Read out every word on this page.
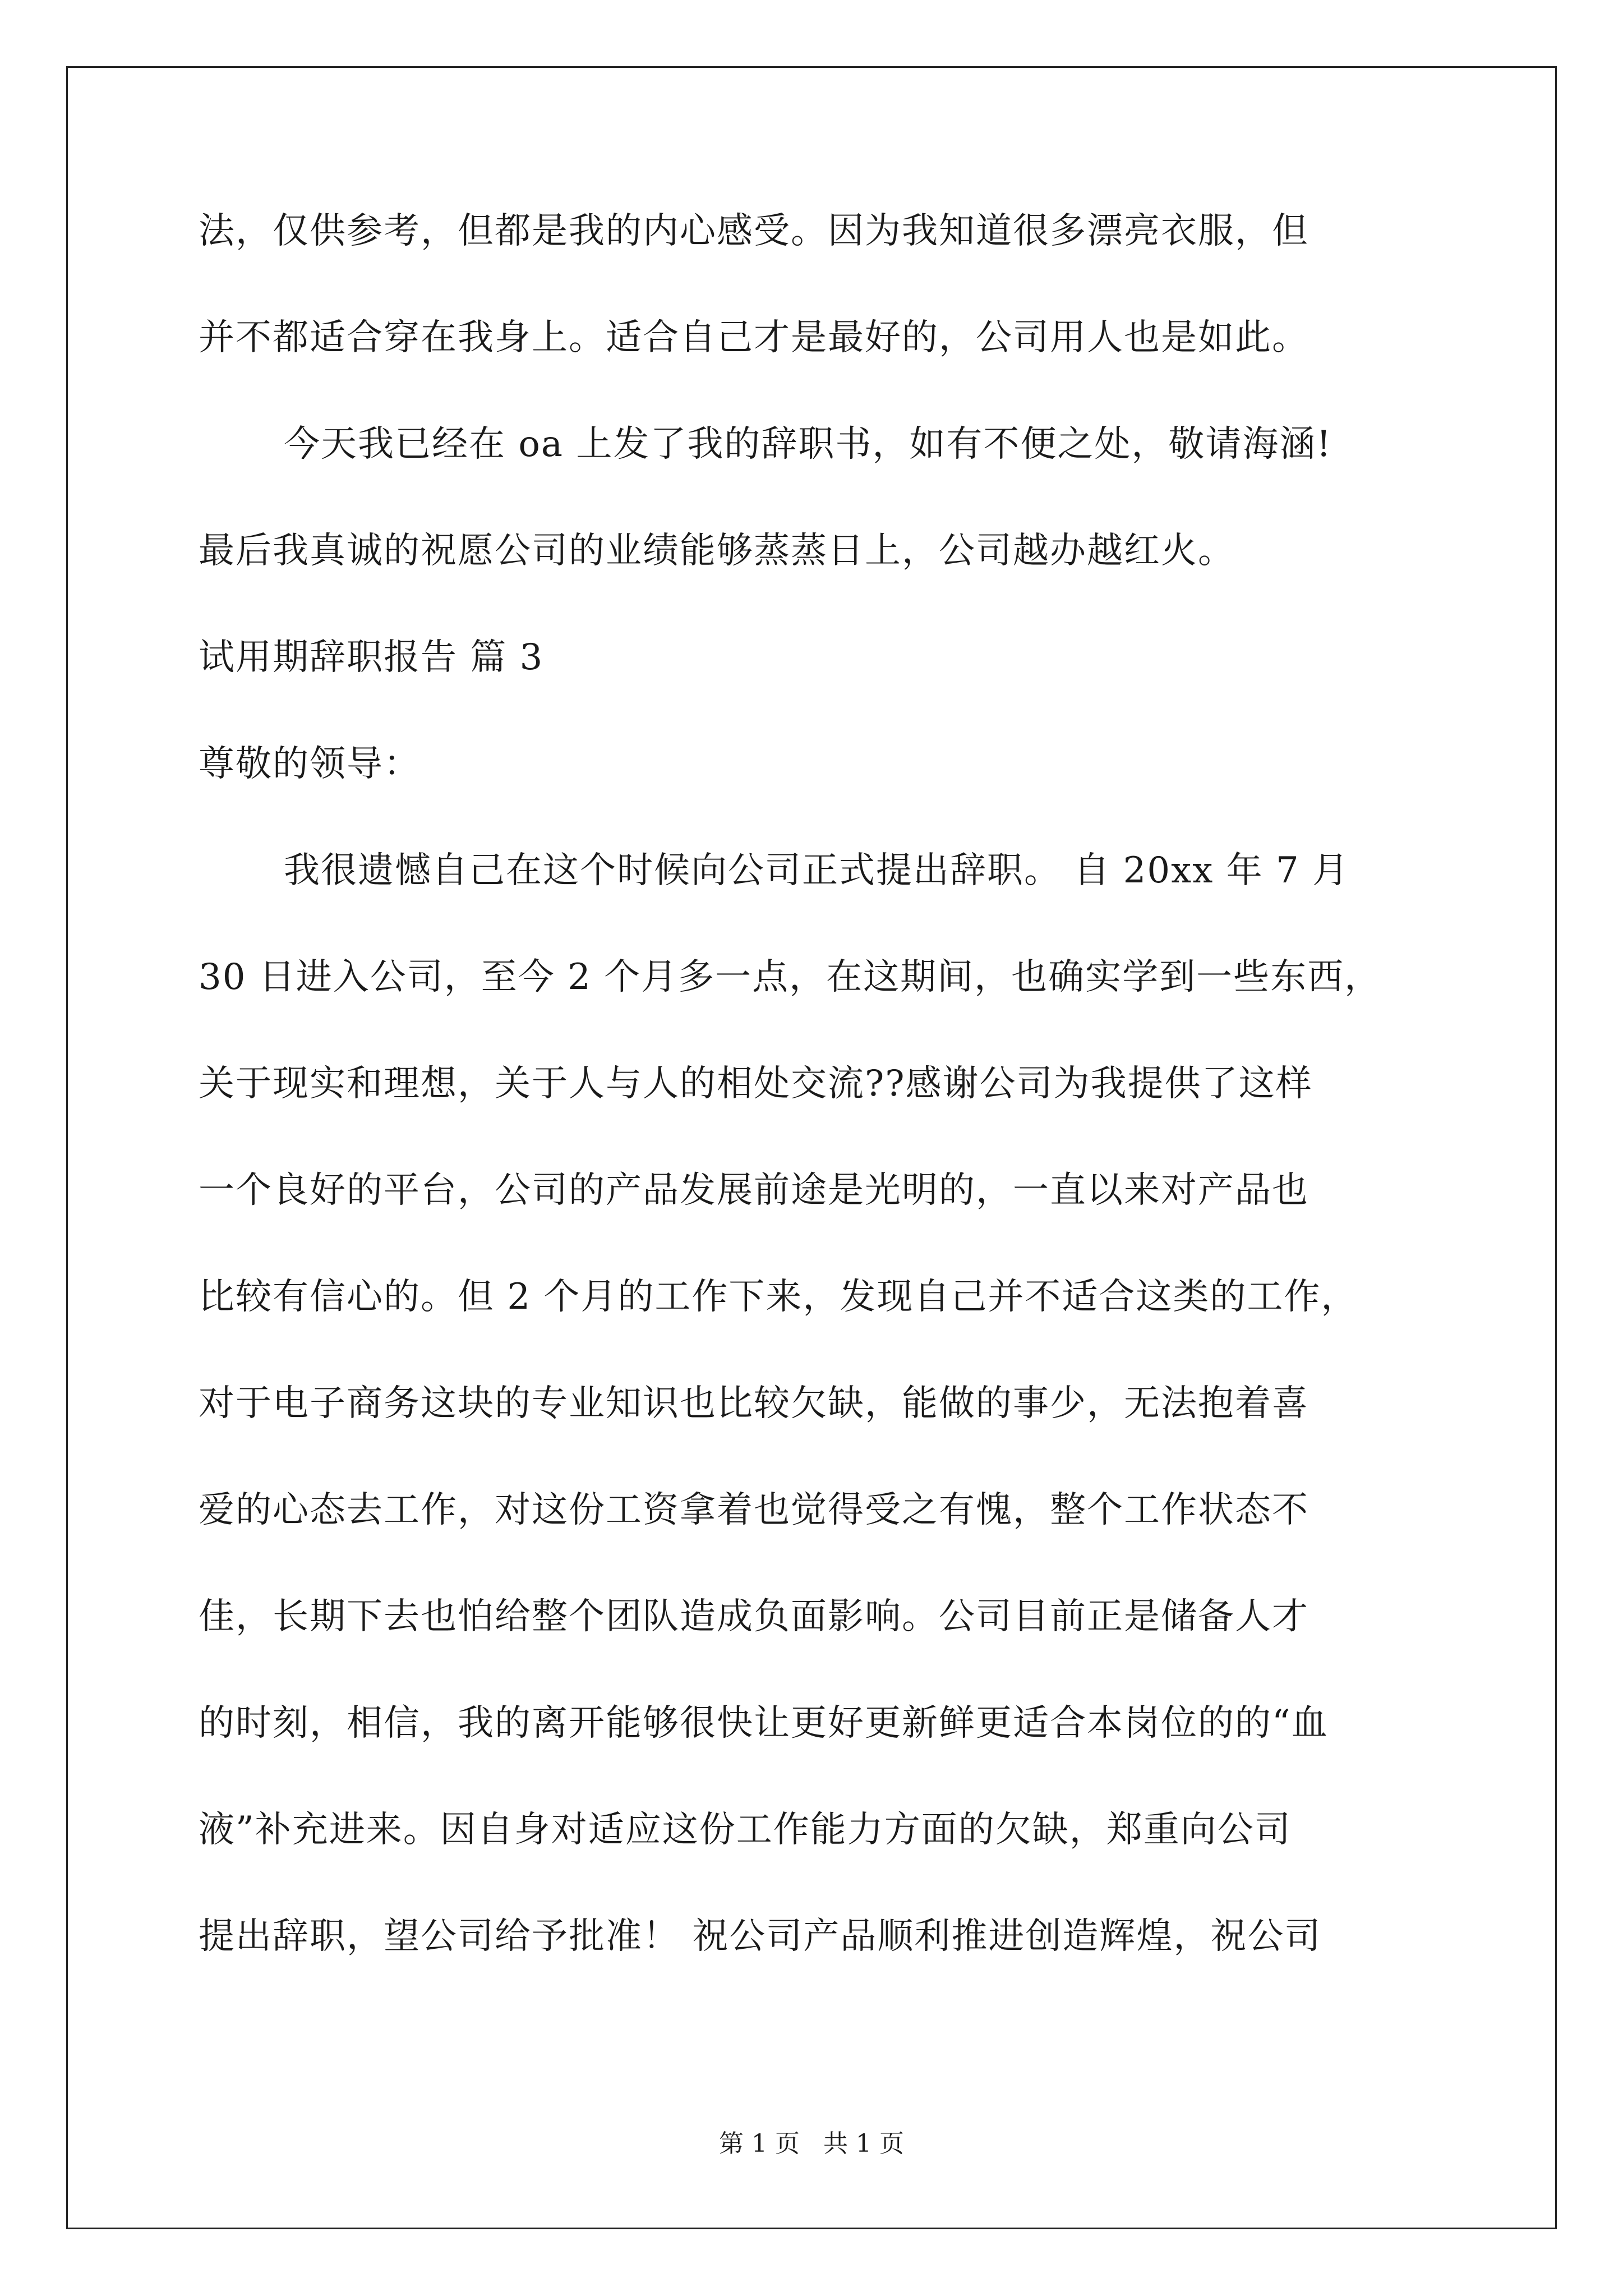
法，仅供参考，但都是我的内心感受。因为我知道很多漂亮衣服，但
并不都适合穿在我身上。适合自己才是最好的，公司用人也是如此。
今天我已经在 oa 上发了我的辞职书，如有不便之处，敬请海涵!
最后我真诚的祝愿公司的业绩能够蒸蒸日上，公司越办越红火。
试用期辞职报告 篇 3
尊敬的领导：
我很遗憾自己在这个时候向公司正式提出辞职。 自 20xx 年 7 月
30 日进入公司，至今 2 个月多一点，在这期间，也确实学到一些东西，
关于现实和理想，关于人与人的相处交流??感谢公司为我提供了这样
一个良好的平台，公司的产品发展前途是光明的，一直以来对产品也
比较有信心的。但 2 个月的工作下来，发现自己并不适合这类的工作，
对于电子商务这块的专业知识也比较欠缺，能做的事少，无法抱着喜
爱的心态去工作，对这份工资拿着也觉得受之有愧，整个工作状态不
佳，长期下去也怕给整个团队造成负面影响。公司目前正是储备人才
的时刻，相信，我的离开能够很快让更好更新鲜更适合本岗位的的“血
液”补充进来。因自身对适应这份工作能力方面的欠缺，郑重向公司
提出辞职，望公司给予批准！ 祝公司产品顺利推进创造辉煌，祝公司
第 1 页   共 1 页
